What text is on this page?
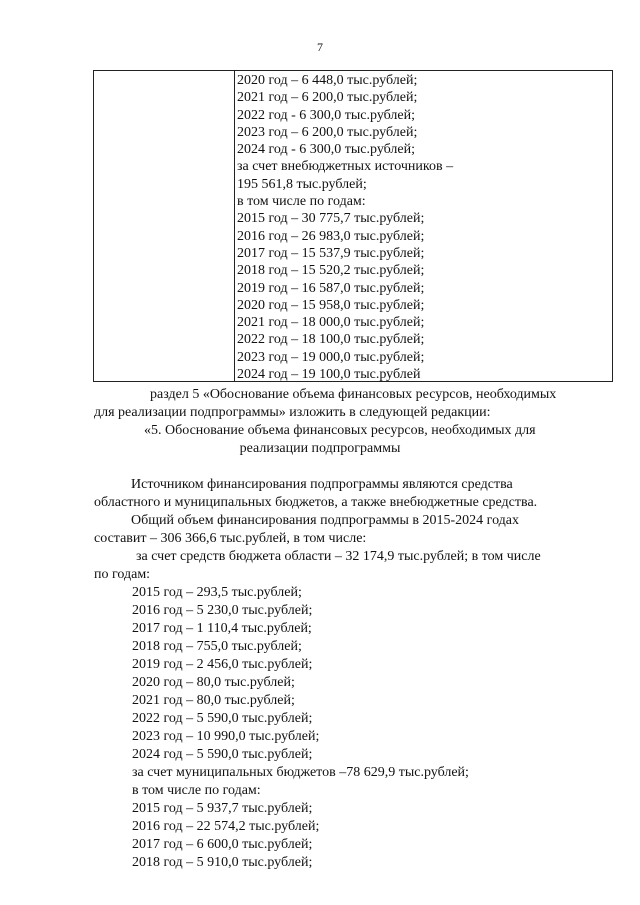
7
2020 год – 6 448,0 тыс.рублей;
2021 год – 6 200,0 тыс.рублей;
2022 год - 6 300,0 тыс.рублей;
2023 год – 6 200,0 тыс.рублей;
2024 год - 6 300,0 тыс.рублей;
за счет внебюджетных источников –
195 561,8 тыс.рублей;
в том числе по годам:
2015 год – 30 775,7 тыс.рублей;
2016 год – 26 983,0 тыс.рублей;
2017 год – 15 537,9 тыс.рублей;
2018 год – 15 520,2 тыс.рублей;
2019 год – 16 587,0 тыс.рублей;
2020 год – 15 958,0 тыс.рублей;
2021 год – 18 000,0 тыс.рублей;
2022 год – 18 100,0 тыс.рублей;
2023 год – 19 000,0 тыс.рублей;
2024 год – 19 100,0 тыс.рублей
раздел 5 «Обоснование объема финансовых ресурсов, необходимых
для реализации подпрограммы» изложить в следующей редакции:
«5. Обоснование объема финансовых ресурсов, необходимых для
реализации подпрограммы
Источником финансирования подпрограммы являются средства
областного и муниципальных бюджетов, а также внебюджетные средства.
Общий объем финансирования подпрограммы в 2015-2024 годах
составит – 306 366,6 тыс.рублей, в том числе:
за счет средств бюджета области – 32 174,9 тыс.рублей; в том числе
по годам:
2015 год – 293,5 тыс.рублей;
2016 год – 5 230,0 тыс.рублей;
2017 год – 1 110,4 тыс.рублей;
2018 год – 755,0 тыс.рублей;
2019 год – 2 456,0 тыс.рублей;
2020 год – 80,0 тыс.рублей;
2021 год – 80,0 тыс.рублей;
2022 год – 5 590,0 тыс.рублей;
2023 год – 10 990,0 тыс.рублей;
2024 год – 5 590,0 тыс.рублей;
за счет муниципальных бюджетов –78 629,9 тыс.рублей;
в том числе по годам:
2015 год – 5 937,7 тыс.рублей;
2016 год – 22 574,2 тыс.рублей;
2017 год – 6 600,0 тыс.рублей;
2018 год – 5 910,0 тыс.рублей;
